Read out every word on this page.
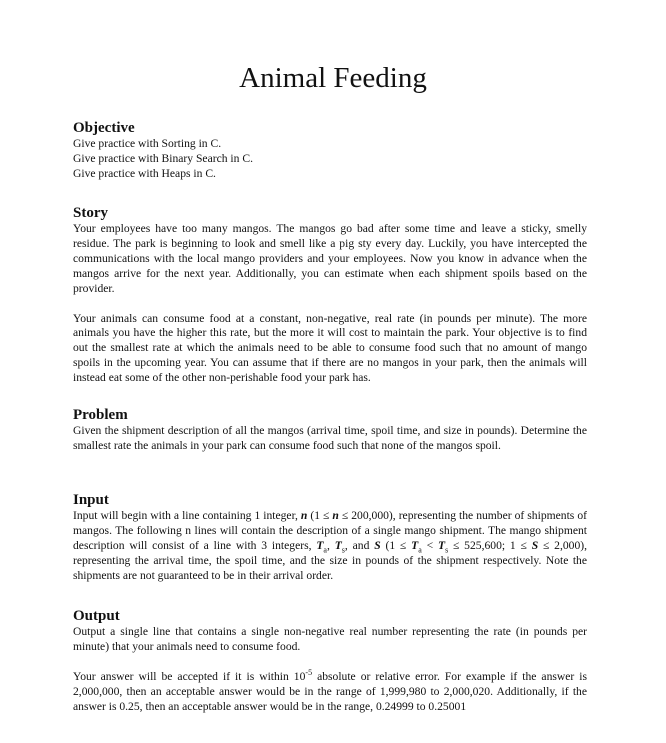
Animal Feeding

Objective

Give practice with Sorting in C.

Give practice with Binary Search in C.

Give practice with Heaps in C.

Story

Your employees have too many mangos. The mangos go bad after some time and leave a sticky, smelly residue. The park is beginning to look and smell like a pig sty every day. Luckily, you have intercepted the communications with the local mango providers and your employees. Now you know in advance when the mangos arrive for the next year. Additionally, you can estimate when each shipment spoils based on the provider.

Your animals can consume food at a constant, non-negative, real rate (in pounds per minute). The more animals you have the higher this rate, but the more it will cost to maintain the park. Your objective is to find out the smallest rate at which the animals need to be able to consume food such that no amount of mango spoils in the upcoming year. You can assume that if there are no mangos in your park, then the animals will instead eat some of the other non-perishable food your park has.

Problem

Given the shipment description of all the mangos (arrival time, spoil time, and size in pounds). Determine the smallest rate the animals in your park can consume food such that none of the mangos spoil.

Input

Input will begin with a line containing 1 integer, n (1 ≤ n ≤ 200,000), representing the number of shipments of mangos. The following n lines will contain the description of a single mango shipment. The mango shipment description will consist of a line with 3 integers, $T_a$, $T_s$, and S ($1 \le T_a < T_s \le 525,600$; 1 ≤ S ≤ 2,000), representing the arrival time, the spoil time, and the size in pounds of the shipment respectively. Note the shipments are not guaranteed to be in their arrival order.

Output

Output a single line that contains a single non-negative real number representing the rate (in pounds per minute) that your animals need to consume food.

Your answer will be accepted if it is within $10^{-5}$ absolute or relative error. For example if the answer is 2,000,000, then an acceptable answer would be in the range of 1,999,980 to 2,000,020. Additionally, if the answer is 0.25, then an acceptable answer would be in the range, 0.24999 to 0.25001
